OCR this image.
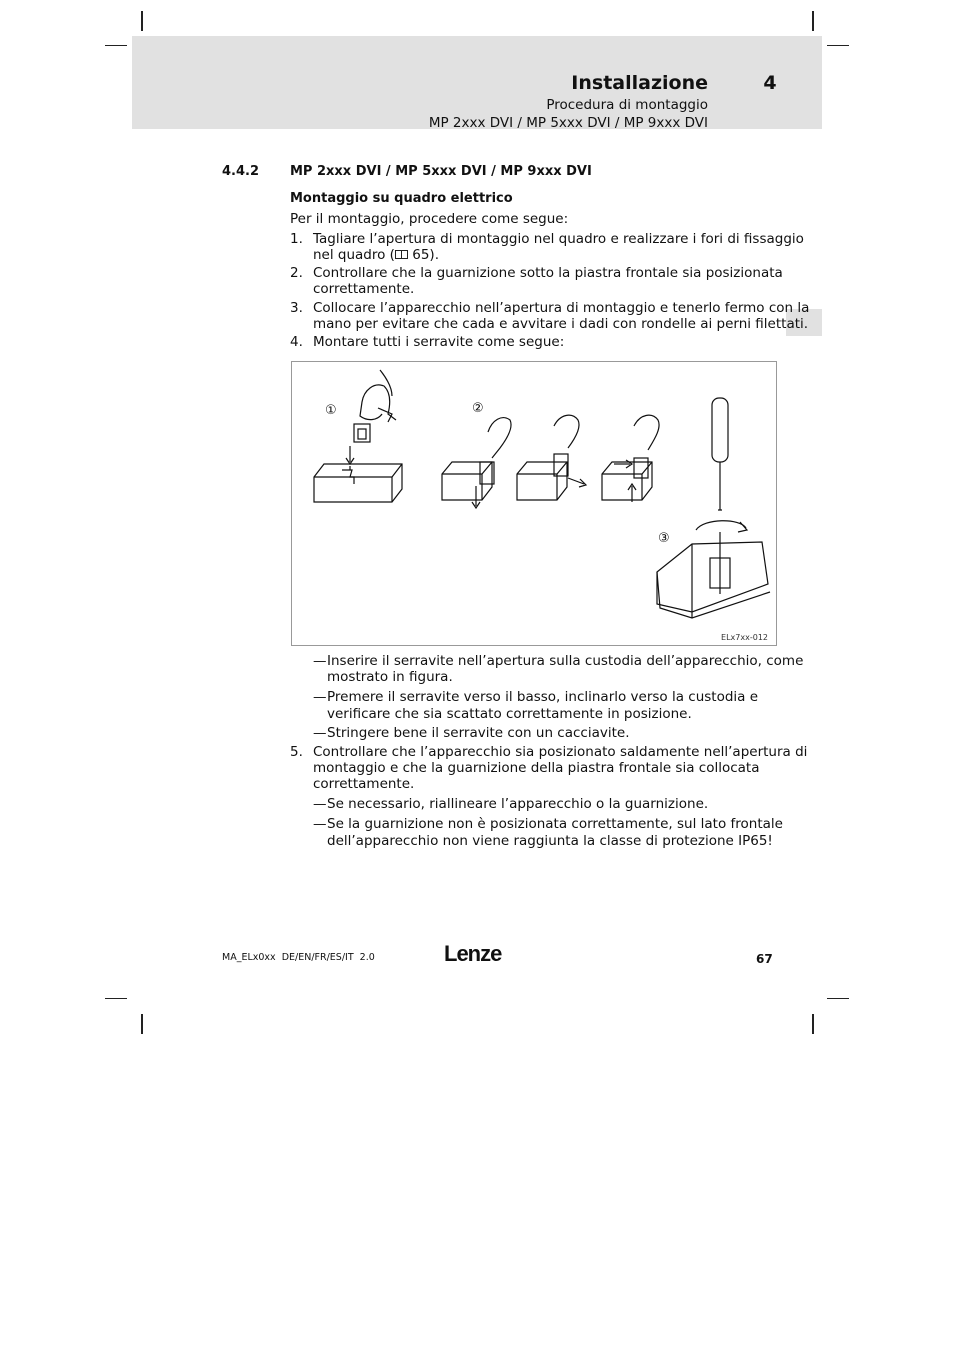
Installazione	4
Procedura di montaggio
MP 2xxx DVI / MP 5xxx DVI / MP 9xxx DVI
4.4.2 MP 2xxx DVI / MP 5xxx DVI / MP 9xxx DVI
Montaggio su quadro elettrico
Per il montaggio, procedere come segue:
1. Tagliare l’apertura di montaggio nel quadro e realizzare i fori di fissaggio
nel quadro ( 65).
2. Controllare che la guarnizione sotto la piastra frontale sia posizionata
correttamente.
3. Collocare l’apparecchio nell’apertura di montaggio e tenerlo fermo con la
mano per evitare che cada e avvitare i dadi con rondelle ai perni filettati.
4. Montare tutti i serravite come segue:
①	②
③
ELx7xx-012
— Inserire il serravite nell’apertura sulla custodia dell’apparecchio, come
mostrato in figura.
— Premere il serravite verso il basso, inclinarlo verso la custodia e
verificare che sia scattato correttamente in posizione.
— Stringere bene il serravite con un cacciavite.
5. Controllare che l’apparecchio sia posizionato saldamente nell’apertura di
montaggio e che la guarnizione della piastra frontale sia collocata
correttamente.
— Se necessario, riallineare l’apparecchio o la guarnizione.
— Se la guarnizione non è posizionata correttamente, sul lato frontale
dell’apparecchio non viene raggiunta la classe di protezione IP65!
MA_ELx0xx  DE/EN/FR/ES/IT  2.0	Lenze	67
